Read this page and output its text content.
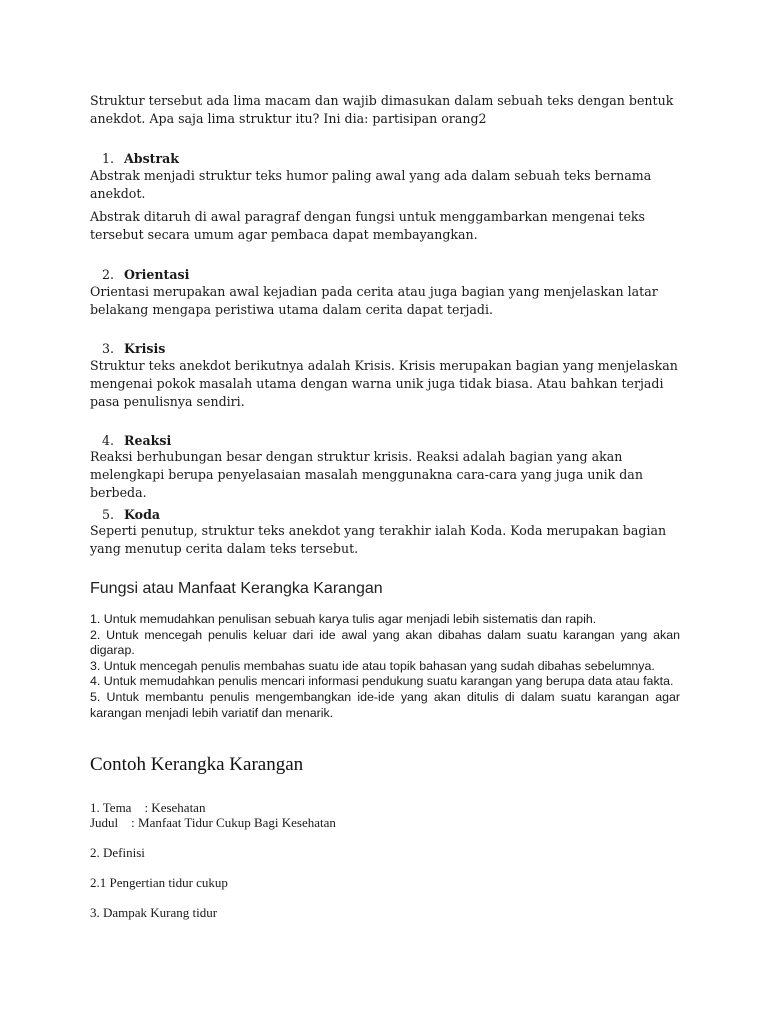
Struktur tersebut ada lima macam dan wajib dimasukan dalam sebuah teks dengan bentuk anekdot. Apa saja lima struktur itu? Ini dia: partisipan orang2

1. Abstrak

Abstrak menjadi struktur teks humor paling awal yang ada dalam sebuah teks bernama anekdot.

Abstrak ditaruh di awal paragraf dengan fungsi untuk menggambarkan mengenai teks tersebut secara umum agar pembaca dapat membayangkan.

2. Orientasi

Orientasi merupakan awal kejadian pada cerita atau juga bagian yang menjelaskan latar belakang mengapa peristiwa utama dalam cerita dapat terjadi.

3. Krisis

Struktur teks anekdot berikutnya adalah Krisis. Krisis merupakan bagian yang menjelaskan mengenai pokok masalah utama dengan warna unik juga tidak biasa. Atau bahkan terjadi pasa penulisnya sendiri.

4. Reaksi

Reaksi berhubungan besar dengan struktur krisis. Reaksi adalah bagian yang akan melengkapi berupa penyelasaian masalah menggunakna cara-cara yang juga unik dan berbeda.

5. Koda

Seperti penutup, struktur teks anekdot yang terakhir ialah Koda. Koda merupakan bagian yang menutup cerita dalam teks tersebut.

Fungsi atau Manfaat Kerangka Karangan

1. Untuk memudahkan penulisan sebuah karya tulis agar menjadi lebih sistematis dan rapih.

2. Untuk mencegah penulis keluar dari ide awal yang akan dibahas dalam suatu karangan yang akan digarap.

3. Untuk mencegah penulis membahas suatu ide atau topik bahasan yang sudah dibahas sebelumnya.

4. Untuk memudahkan penulis mencari informasi pendukung suatu karangan yang berupa data atau fakta.

5. Untuk membantu penulis mengembangkan ide-ide yang akan ditulis di dalam suatu karangan agar karangan menjadi lebih variatif dan menarik.

Contoh Kerangka Karangan
1. Tema    : Kesehatan
Judul    : Manfaat Tidur Cukup Bagi Kesehatan
2. Definisi
2.1 Pengertian tidur cukup
3. Dampak Kurang tidur
